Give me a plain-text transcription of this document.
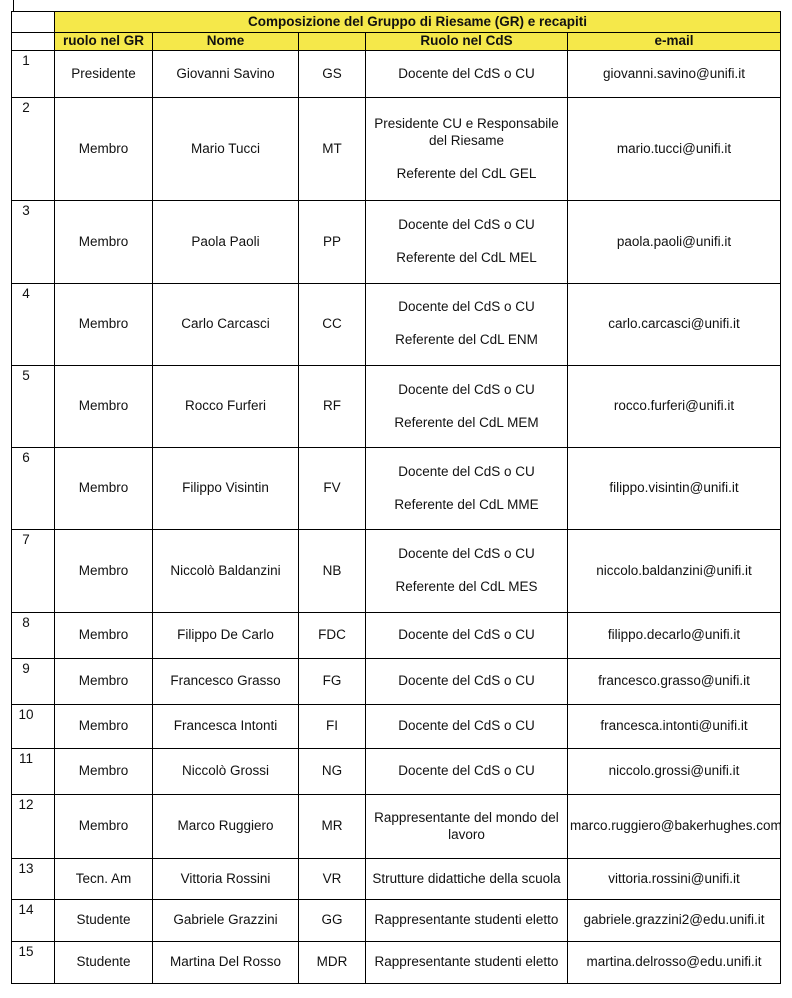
	Composizione del Gruppo di Riesame (GR) e recapiti				
	ruolo nel GR	Nome		Ruolo nel CdS	e-mail

1	Presidente	Giovanni Savino	GS	Docente del CdS o CU	giovanni.savino@unifi.it

2	Membro	Mario Tucci	MT	Presidente CU e Responsabile del Riesame
Referente del CdL GEL	mario.tucci@unifi.it

3	Membro	Paola Paoli	PP	Docente del CdS o CU
Referente del CdL MEL	paola.paoli@unifi.it

4	Membro	Carlo Carcasci	CC	Docente del CdS o CU
Referente del CdL ENM	carlo.carcasci@unifi.it

5	Membro	Rocco Furferi	RF	Docente del CdS o CU
Referente del CdL MEM	rocco.furferi@unifi.it

6	Membro	Filippo Visintin	FV	Docente del CdS o CU
Referente del CdL MME	filippo.visintin@unifi.it

7	Membro	Niccolò Baldanzini	NB	Docente del CdS o CU
Referente del CdL MES	niccolo.baldanzini@unifi.it

8	Membro	Filippo De Carlo	FDC	Docente del CdS o CU	filippo.decarlo@unifi.it

9	Membro	Francesco Grasso	FG	Docente del CdS o CU	francesco.grasso@unifi.it

10	Membro	Francesca Intonti	FI	Docente del CdS o CU	francesca.intonti@unifi.it

11	Membro	Niccolò Grossi	NG	Docente del CdS o CU	niccolo.grossi@unifi.it

12	Membro	Marco Ruggiero	MR	Rappresentante del mondo del lavoro	marco.ruggiero@bakerhughes.com

13	Tecn. Am	Vittoria Rossini	VR	Strutture didattiche della scuola	vittoria.rossini@unifi.it

14	Studente	Gabriele Grazzini	GG	Rappresentante studenti eletto	gabriele.grazzini2@edu.unifi.it

15	Studente	Martina Del Rosso	MDR	Rappresentante studenti eletto	martina.delrosso@edu.unifi.it
